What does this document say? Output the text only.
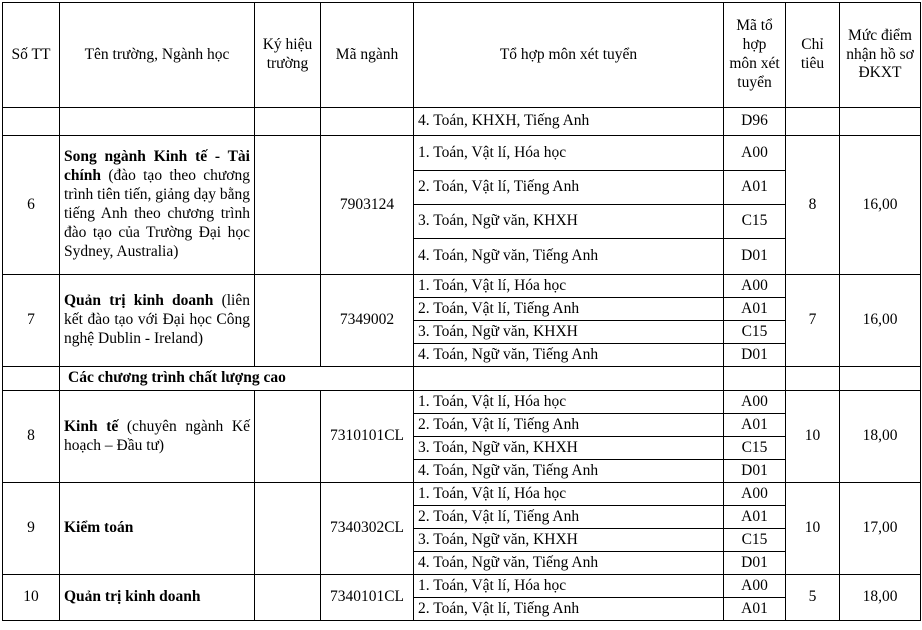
Số TT	Tên trường, Ngành học	Ký hiệu trường	Mã ngành	Tổ hợp môn xét tuyển	Mã tổ hợp môn xét tuyển	Chỉ tiêu	Mức điểm nhận hồ sơ ĐKXT
				4. Toán, KHXH, Tiếng Anh	D96		
6	Song ngành Kinh tế - Tài chính (đào tạo theo chương trình tiên tiến, giảng dạy bằng tiếng Anh theo chương trình đào tạo của Trường Đại học Sydney, Australia)		7903124	1. Toán, Vật lí, Hóa học	A00	8	16,00
				2. Toán, Vật lí, Tiếng Anh	A01		
				3. Toán, Ngữ văn, KHXH	C15		
				4. Toán, Ngữ văn, Tiếng Anh	D01		
7	Quản trị kinh doanh (liên kết đào tạo với Đại học Công nghệ Dublin - Ireland)		7349002	1. Toán, Vật lí, Hóa học	A00	7	16,00
				2. Toán, Vật lí, Tiếng Anh	A01		
				3. Toán, Ngữ văn, KHXH	C15		
				4. Toán, Ngữ văn, Tiếng Anh	D01		
	Các chương trình chất lượng cao						
8	Kinh tế (chuyên ngành Kế hoạch – Đầu tư)		7310101CL	1. Toán, Vật lí, Hóa học	A00	10	18,00
				2. Toán, Vật lí, Tiếng Anh	A01		
				3. Toán, Ngữ văn, KHXH	C15		
				4. Toán, Ngữ văn, Tiếng Anh	D01		
9	Kiểm toán		7340302CL	1. Toán, Vật lí, Hóa học	A00	10	17,00
				2. Toán, Vật lí, Tiếng Anh	A01		
				3. Toán, Ngữ văn, KHXH	C15		
				4. Toán, Ngữ văn, Tiếng Anh	D01		
10	Quản trị kinh doanh		7340101CL	1. Toán, Vật lí, Hóa học	A00	5	18,00
				2. Toán, Vật lí, Tiếng Anh	A01		
